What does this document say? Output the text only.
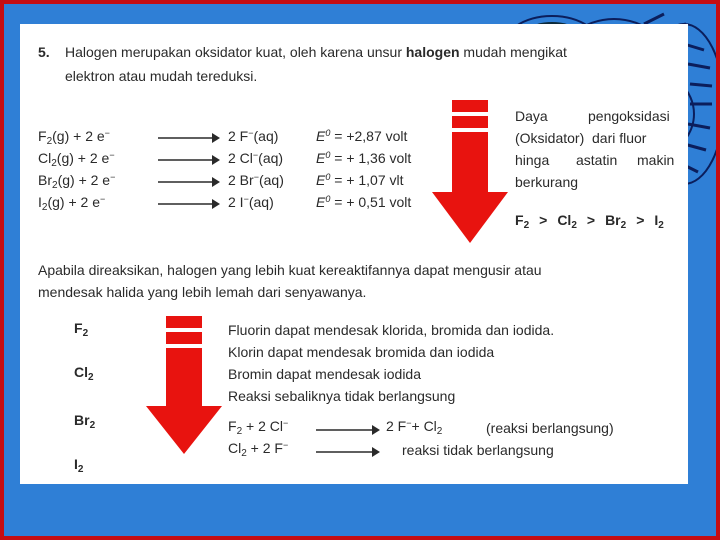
5. Halogen merupakan oksidator kuat, oleh karena unsur halogen mudah mengikat
elektron atau mudah tereduksi.
$F_2(g) + 2$ e−	→ 2 F−(aq)	$E^0 = +2,87$ volt
$Cl_2(g) + 2$ e−	→ 2 Cl−(aq) $E^0$ = + 1,36 volt
$Br_2(g) + 2$ e−	→ 2 Br−(aq) $E^0$ = + 1,07 vlt
$I_2(g) + 2$ e−	→ 2 I−(aq)	$E^0$ = + 0,51 volt
Daya	pengoksidasi
(Oksidator) dari fluor
hinga astatin makin
berkurang
$F_2 > Cl_2 > Br_2 > I_2$
Apabila direaksikan, halogen yang lebih kuat kereaktifannya dapat mengusir atau
mendesak halida yang lebih lemah dari senyawanya.
$F_2$
$Cl_2$
$Br_2$
$I_2$
Fluorin dapat mendesak klorida, bromida dan iodida.
Klorin dapat mendesak bromida dan iodida
Bromin dapat mendesak iodida
Reaksi sebaliknya tidak berlangsung
$F_2 + 2$ Cl− → 2 $F^-+ Cl_2$	(reaksi berlangsung)
$Cl_2 + 2$ F− → reaksi tidak berlangsung
